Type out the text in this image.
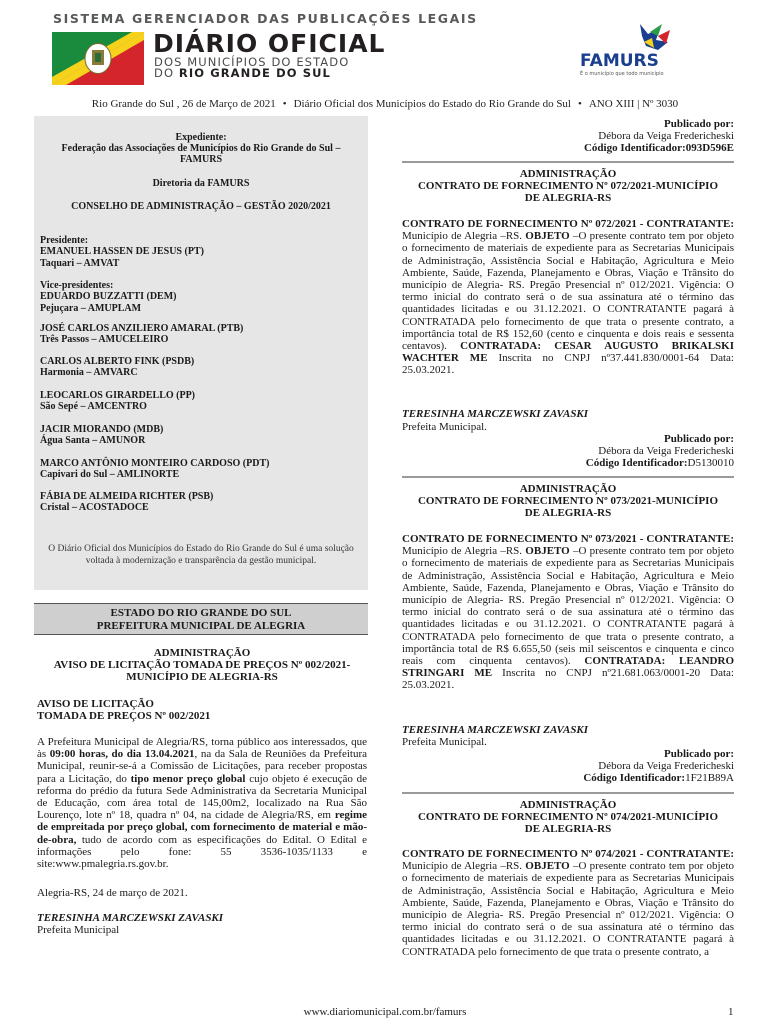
SISTEMA GERENCIADOR DAS PUBLICAÇÕES LEGAIS
DIÁRIO OFICIAL
DOS MUNICÍPIOS DO ESTADO
DO RIO GRANDE DO SUL
FAMURS
É o município que todo município
Rio Grande do Sul , 26 de Março de 2021 • Diário Oficial dos Municípios do Estado do Rio Grande do Sul • ANO XIII | Nº 3030
Expediente:
Federação das Associações de Municípios do Rio Grande do Sul –
FAMURS
Diretoria da FAMURS
CONSELHO DE ADMINISTRAÇÃO – GESTÃO 2020/2021
Presidente:
EMANUEL HASSEN DE JESUS (PT)
Taquari – AMVAT
Vice-presidentes:
EDUARDO BUZZATTI (DEM)
Pejuçara – AMUPLAM
JOSÉ CARLOS ANZILIERO AMARAL (PTB)
Três Passos – AMUCELEIRO
CARLOS ALBERTO FINK (PSDB)
Harmonia – AMVARC
LEOCARLOS GIRARDELLO (PP)
São Sepé – AMCENTRO
JACIR MIORANDO (MDB)
Água Santa – AMUNOR
MARCO ANTÔNIO MONTEIRO CARDOSO (PDT)
Capivari do Sul – AMLINORTE
FÁBIA DE ALMEIDA RICHTER (PSB)
Cristal – ACOSTADOCE
O Diário Oficial dos Municípios do Estado do Rio Grande do Sul é uma solução voltada à modernização e transparência da gestão municipal.
ESTADO DO RIO GRANDE DO SUL
PREFEITURA MUNICIPAL DE ALEGRIA

ADMINISTRAÇÃO

AVISO DE LICITAÇÃO TOMADA DE PREÇOS Nº 002/2021-

MUNICÍPIO DE ALEGRIA-RS

AVISO DE LICITAÇÃO

TOMADA DE PREÇOS Nº 002/2021

A Prefeitura Municipal de Alegria/RS, torna público aos interessados, que às 09:00 horas, do dia 13.04.2021, na da Sala de Reuniões da Prefeitura Municipal, reunir-se-á a Comissão de Licitações, para receber propostas para a Licitação, do tipo menor preço global cujo objeto é execução de reforma do prédio da futura Sede Administrativa da Secretaria Municipal de Educação, com área total de 145,00m2, localizado na Rua São Lourenço, lote nº 18, quadra nº 04, na cidade de Alegria/RS, em regime de empreitada por preço global, com fornecimento de material e mão-de-obra, tudo de acordo com as especificações do Edital. O Edital e informações pelo fone: 55 3536-1035/1133 e site:www.pmalegria.rs.gov.br.

Alegria-RS, 24 de março de 2021.
TERESINHA MARCZEWSKI ZAVASKI
Prefeita Municipal

Publicado por:

Débora da Veiga Fredericheski

Código Identificador:093D596E

ADMINISTRAÇÃO

CONTRATO DE FORNECIMENTO Nº 072/2021-MUNICÍPIO

DE ALEGRIA-RS

CONTRATO DE FORNECIMENTO Nº 072/2021 - CONTRATANTE: Município de Alegria –RS. OBJETO –O presente contrato tem por objeto o fornecimento de materiais de expediente para as Secretarias Municipais de Administração, Assistência Social e Habitação, Agricultura e Meio Ambiente, Saúde, Fazenda, Planejamento e Obras, Viação e Trânsito do município de Alegria- RS. Pregão Presencial nº 012/2021. Vigência: O termo inicial do contrato será o de sua assinatura até o término das quantidades licitadas e ou 31.12.2021. O CONTRATANTE pagará à CONTRATADA pelo fornecimento de que trata o presente contrato, a importância total de R$ 152,60 (cento e cinquenta e dois reais e sessenta centavos). CONTRATADA: CESAR AUGUSTO BRIKALSKI WACHTER ME Inscrita no CNPJ nº37.441.830/0001-64 Data: 25.03.2021.

TERESINHA MARCZEWSKI ZAVASKI
Prefeita Municipal.

Publicado por:

Débora da Veiga Fredericheski

Código Identificador:D5130010

ADMINISTRAÇÃO

CONTRATO DE FORNECIMENTO Nº 073/2021-MUNICÍPIO

DE ALEGRIA-RS

CONTRATO DE FORNECIMENTO Nº 073/2021 - CONTRATANTE: Município de Alegria –RS. OBJETO –O presente contrato tem por objeto o fornecimento de materiais de expediente para as Secretarias Municipais de Administração, Assistência Social e Habitação, Agricultura e Meio Ambiente, Saúde, Fazenda, Planejamento e Obras, Viação e Trânsito do município de Alegria- RS. Pregão Presencial nº 012/2021. Vigência: O termo inicial do contrato será o de sua assinatura até o término das quantidades licitadas e ou 31.12.2021. O CONTRATANTE pagará à CONTRATADA pelo fornecimento de que trata o presente contrato, a importância total de R$ 6.655,50 (seis mil seiscentos e cinquenta e cinco reais com cinquenta centavos). CONTRATADA: LEANDRO STRINGARI ME Inscrita no CNPJ nº21.681.063/0001-20 Data: 25.03.2021.

TERESINHA MARCZEWSKI ZAVASKI
Prefeita Municipal.

Publicado por:

Débora da Veiga Fredericheski

Código Identificador:1F21B89A

ADMINISTRAÇÃO

CONTRATO DE FORNECIMENTO Nº 074/2021-MUNICÍPIO

DE ALEGRIA-RS

CONTRATO DE FORNECIMENTO Nº 074/2021 - CONTRATANTE: Município de Alegria –RS. OBJETO –O presente contrato tem por objeto o fornecimento de materiais de expediente para as Secretarias Municipais de Administração, Assistência Social e Habitação, Agricultura e Meio Ambiente, Saúde, Fazenda, Planejamento e Obras, Viação e Trânsito do município de Alegria- RS. Pregão Presencial nº 012/2021. Vigência: O termo inicial do contrato será o de sua assinatura até o término das quantidades licitadas e ou 31.12.2021. O CONTRATANTE pagará à CONTRATADA pelo fornecimento de que trata o presente contrato, a

www.diariomunicipal.com.br/famurs	1
